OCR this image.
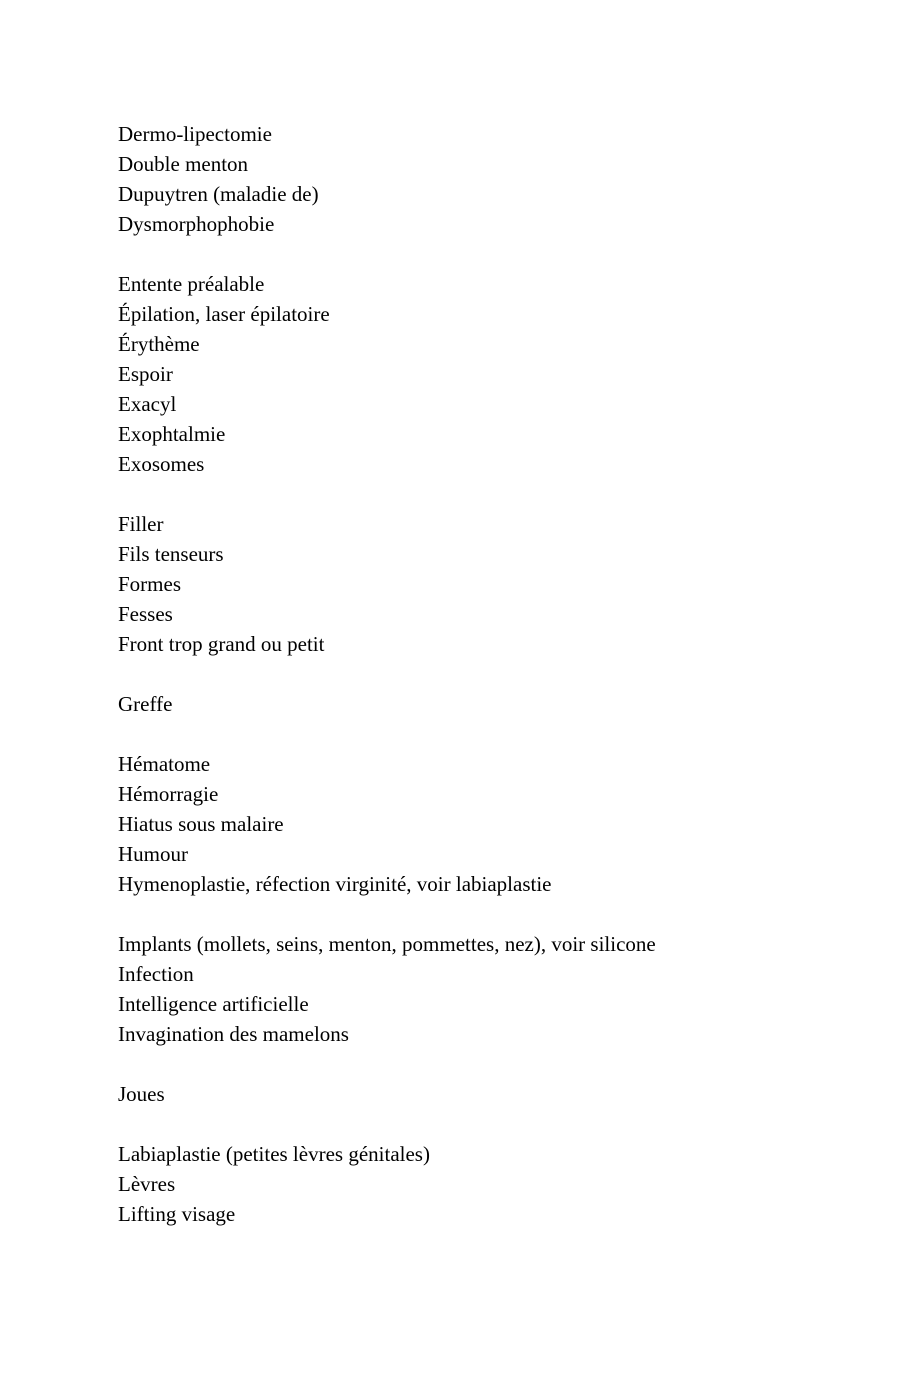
Dermo-lipectomie
Double menton
Dupuytren (maladie de)
Dysmorphophobie
Entente préalable
Épilation, laser épilatoire
Érythème
Espoir
Exacyl
Exophtalmie
Exosomes
Filler
Fils tenseurs
Formes
Fesses
Front trop grand ou petit
Greffe
Hématome
Hémorragie
Hiatus sous malaire
Humour
Hymenoplastie, réfection virginité, voir labiaplastie
Implants (mollets, seins, menton, pommettes, nez), voir silicone
Infection
Intelligence artificielle
Invagination des mamelons
Joues
Labiaplastie (petites lèvres génitales)
Lèvres
Lifting visage
